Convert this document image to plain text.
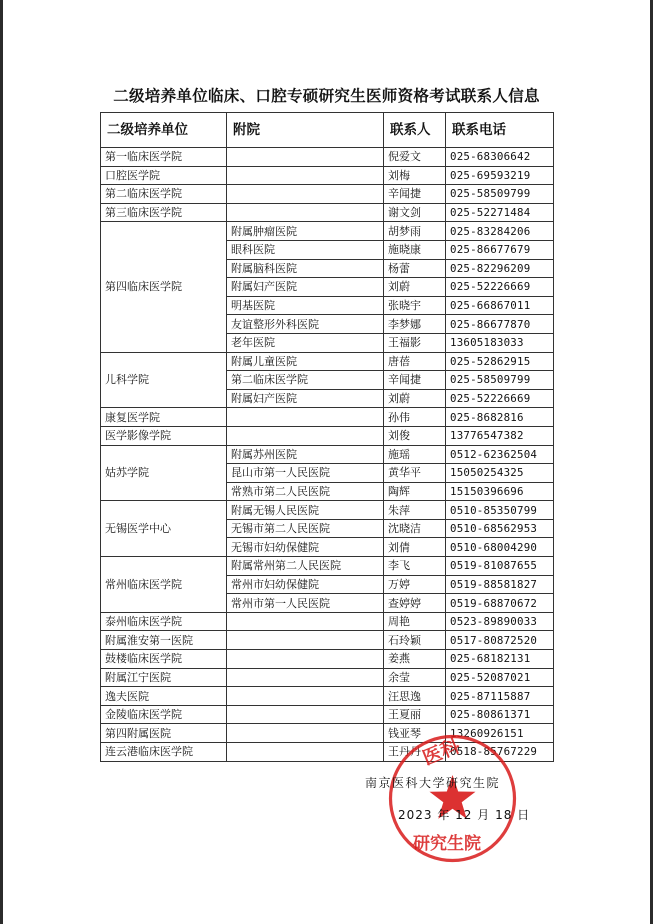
二级培养单位临床、口腔专硕研究生医师资格考试联系人信息
二级培养单位	附院	联系人	联系电话
第一临床医学院		倪爱文	025-68306642
口腔医学院		刘梅	025-69593219
第二临床医学院		辛闻捷	025-58509799
第三临床医学院		谢文剑	025-52271484
第四临床医学院	附属肿瘤医院	胡梦雨	025-83284206
	眼科医院	施晓康	025-86677679
	附属脑科医院	杨蕾	025-82296209
	附属妇产医院	刘蔚	025-52226669
	明基医院	张晓宇	025-66867011
	友谊整形外科医院	李梦娜	025-86677870
	老年医院	王福影	13605183033
儿科学院	附属儿童医院	唐蓓	025-52862915
	第二临床医学院	辛闻捷	025-58509799
	附属妇产医院	刘蔚	025-52226669
康复医学院		孙伟	025-8682816
医学影像学院		刘俊	13776547382
姑苏学院	附属苏州医院	施瑶	0512-62362504
	昆山市第一人民医院	黄华平	15050254325
	常熟市第二人民医院	陶辉	15150396696
无锡医学中心	附属无锡人民医院	朱萍	0510-85350799
	无锡市第二人民医院	沈晓洁	0510-68562953
	无锡市妇幼保健院	刘倩	0510-68004290
常州临床医学院	附属常州第二人民医院	李飞	0519-81087655
	常州市妇幼保健院	万婷	0519-88581827
	常州市第一人民医院	查婷婷	0519-68870672
泰州临床医学院		周艳	0523-89890033
附属淮安第一医院		石玲颖	0517-80872520
鼓楼临床医学院		姜燕	025-68182131
附属江宁医院		余莹	025-52087021
逸夫医院		汪思逸	025-87115887
金陵临床医学院		王夏丽	025-80861371
第四附属医院		钱亚琴	13260926151
连云港临床医学院		王丹丹	0518-85767229
医科
研究生院
南京医科大学研究生院
2023 年 12 月 18 日
